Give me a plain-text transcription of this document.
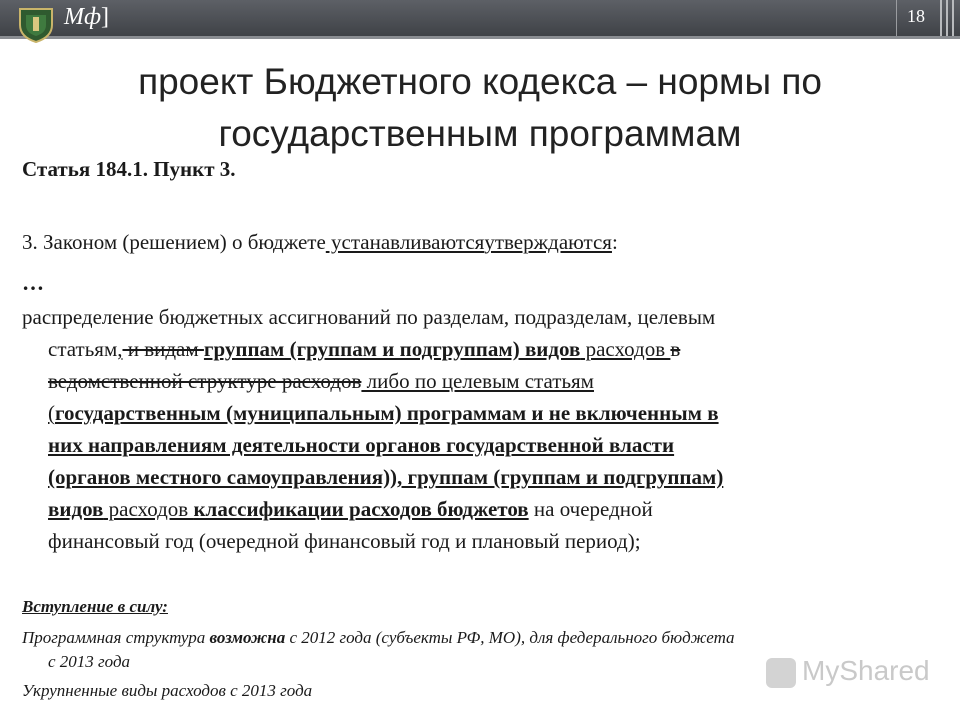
Мф]	18
проект Бюджетного кодекса – нормы по государственным программам
Статья 184.1. Пункт 3.
3. Законом (решением) о бюджете устанавливаютсяутверждаются:
…
распределение бюджетных ассигнований по разделам, подразделам, целевым
статьям, и видам группам (группам и подгруппам) видов расходов в
ведомственной структуре расходов либо по целевым статьям
(государственным (муниципальным) программам и не включенным в
них направлениям деятельности органов государственной власти
(органов местного самоуправления)), группам (группам и подгруппам)
видов расходов классификации расходов бюджетов на очередной
финансовый год (очередной финансовый год и плановый период);
Вступление в силу:
Программная структура возможна с 2012 года (субъекты РФ, МО), для федерального бюджета
с 2013 года
Укрупненные виды расходов с 2013 года
MyShared
